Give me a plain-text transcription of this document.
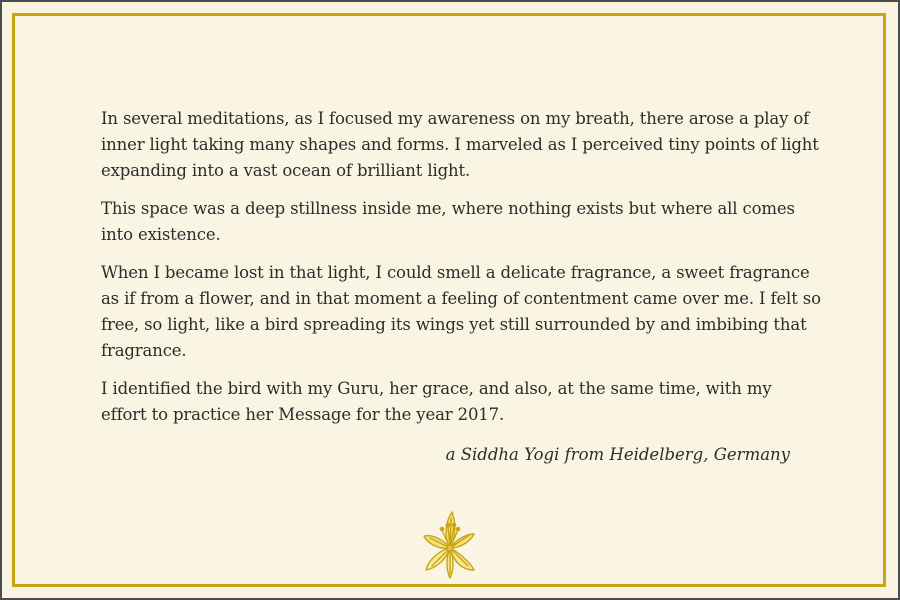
In several meditations, as I focused my awareness on my breath, there arose a play of inner light taking many shapes and forms. I marveled as I perceived tiny points of light expanding into a vast ocean of brilliant light.

This space was a deep stillness inside me, where nothing exists but where all comes into existence.

When I became lost in that light, I could smell a delicate fragrance, a sweet fragrance as if from a flower, and in that moment a feeling of contentment came over me. I felt so free, so light, like a bird spreading its wings yet still surrounded by and imbibing that fragrance.

I identified the bird with my Guru, her grace, and also, at the same time, with my effort to practice her Message for the year 2017.

a Siddha Yogi from Heidelberg, Germany
